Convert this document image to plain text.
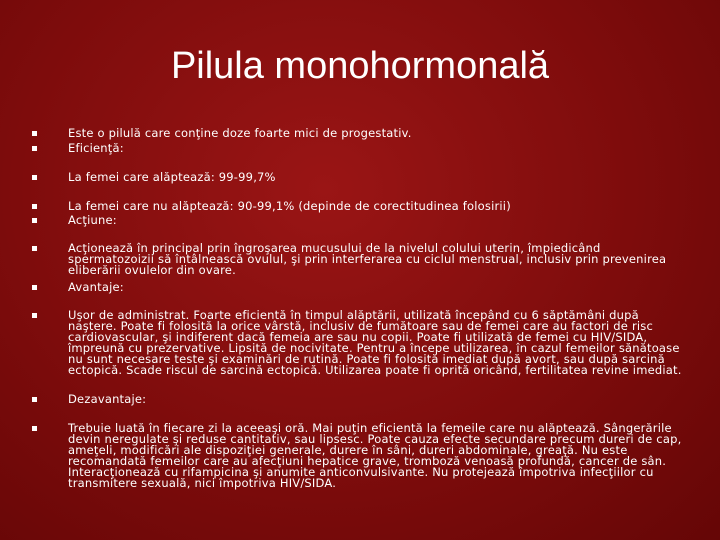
Pilula monohormonală
Este o pilulă care conţine doze foarte mici de progestativ.
Eficienţă:
La femei care alăptează: 99-99,7%
La femei care nu alăptează: 90-99,1% (depinde de corectitudinea folosirii)
Acţiune:
Acţionează în principal prin îngroşarea mucusului de la nivelul colului uterin, împiedicând spermatozoizii să întâlnească ovulul, şi prin interferarea cu ciclul menstrual, inclusiv prin prevenirea eliberării ovulelor din ovare.
Avantaje:
Uşor de administrat. Foarte eficientă în timpul alăptării, utilizată începând cu 6 săptămâni după naştere. Poate fi folosită la orice vârstă, inclusiv de fumătoare sau de femei care au factori de risc cardiovascular, şi indiferent dacă femeia are sau nu copii. Poate fi utilizată de femei cu HIV/SIDA, împreună cu prezervative. Lipsită de nocivitate. Pentru a începe utilizarea, în cazul femeilor sănătoase nu sunt necesare teste şi examinări de rutină. Poate fi folosită imediat după avort, sau după sarcină ectopică. Scade riscul de sarcină ectopică. Utilizarea poate fi oprită oricând, fertilitatea revine imediat.
Dezavantaje:
Trebuie luată în fiecare zi la aceeaşi oră. Mai puţin eficientă la femeile care nu alăptează. Sângerările devin neregulate şi reduse cantitativ, sau lipsesc. Poate cauza efecte secundare precum dureri de cap, ameţeli, modificări ale dispoziţiei generale, durere în sâni, dureri abdominale, greaţă. Nu este recomandată femeilor care au afecţiuni hepatice grave, tromboză venoasă profundă, cancer de sân. Interacţionează cu rifampicina şi anumite anticonvulsivante. Nu protejează împotriva infecţiilor cu transmitere sexuală, nici împotriva HIV/SIDA.
